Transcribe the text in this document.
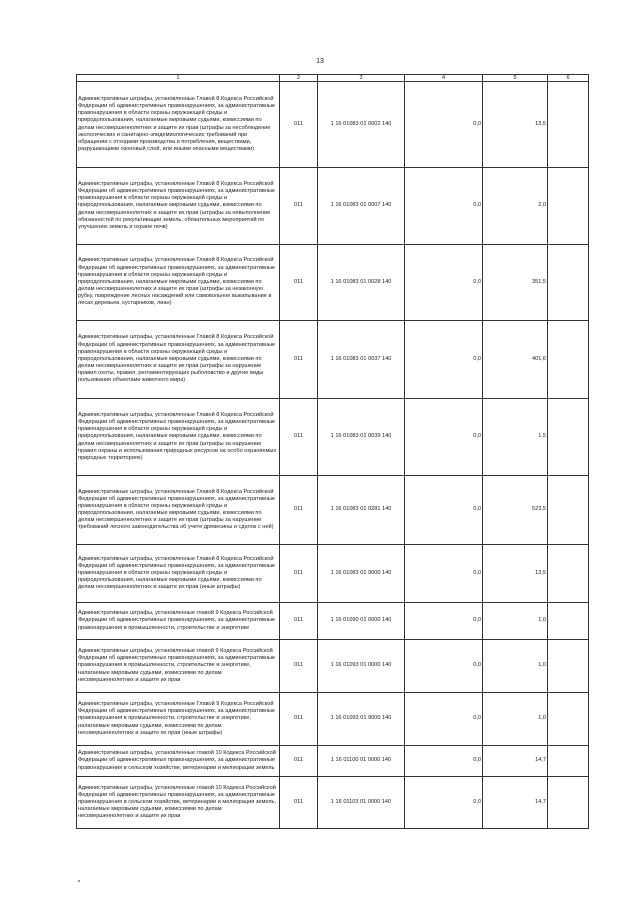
13
1	2	3	4	5	6
Административные штрафы, установленные Главой 8 Кодекса Российской Федерации об административных правонарушениях, за административные правонарушения в области охраны окружающей среды и природопользования, налагаемые мировыми судьями, комиссиями по делам несовершеннолетних и защите их прав (штрафы за несоблюдение экологических и санитарно-эпидемиологических требований при обращении с отходами производства и потребления, веществами, разрушающими озоновый слой, или иными опасными веществами)	011	1 16 01083 01 0002 140	0,0	13,5	
Административные штрафы, установленные Главой 8 Кодекса Российской Федерации об административных правонарушениях, за административные правонарушения в области охраны окружающей среды и природопользования, налагаемые мировыми судьями, комиссиями по делам несовершеннолетних и защите их прав (штрафы за невыполнение обязанностей по рекультивации земель, обязательных мероприятий по улучшению земель и охране почв)	011	1 16 01083 01 0007 140	0,0	2,0	
Административные штрафы, установленные Главой 8 Кодекса Российской Федерации об административных правонарушениях, за административные правонарушения в области охраны окружающей среды и природопользования, налагаемые мировыми судьями, комиссиями по делам несовершеннолетних и защите их прав (штрафы за незаконную рубку, повреждение лесных насаждений или самовольное выкапывание в лесах деревьев, кустарников, лиан)	011	1 16 01083 01 0028 140	0,0	351,5	
Административные штрафы, установленные Главой 8 Кодекса Российской Федерации об административных правонарушениях, за административные правонарушения в области охраны окружающей среды и природопользования, налагаемые мировыми судьями, комиссиями по делам несовершеннолетних и защите их прав (штрафы за нарушение правил охоты, правил, регламентирующих рыболовство и другие виды пользования объектами животного мира)	011	1 16 01083 01 0037 140	0,0	401,6	
Административные штрафы, установленные Главой 8 Кодекса Российской Федерации об административных правонарушениях, за административные правонарушения в области охраны окружающей среды и природопользования, налагаемые мировыми судьями, комиссиями по делам несовершеннолетних и защите их прав (штрафы за нарушение правил охраны и использования природных ресурсов на особо охраняемых природных территориях)	011	1 16 01083 01 0039 140	0,0	1,5	
Административные штрафы, установленные Главой 8 Кодекса Российской Федерации об административных правонарушениях, за административные правонарушения в области охраны окружающей среды и природопользования, налагаемые мировыми судьями, комиссиями по делам несовершеннолетних и защите их прав (штрафы за нарушение требований лесного законодательства об учете древесины и сделок с ней)	011	1 16 01083 01 0281 140	0,0	523,5	
Административные штрафы, установленные Главой 8 Кодекса Российской Федерации об административных правонарушениях, за административные правонарушения в области охраны окружающей среды и природопользования, налагаемые мировыми судьями, комиссиями по делам несовершеннолетних и защите их прав (иные штрафы)	011	1 16 01083 01 9000 140	0,0	13,5	
Административные штрафы, установленные главой 9 Кодекса Российской Федерации об административных правонарушениях, за административные правонарушения в промышленности, строительстве и энергетике	011	1 16 01090 01 0000 140	0,0	1,0	
Административные штрафы, установленные главой 9 Кодекса Российской Федерации об административных правонарушениях, за административные правонарушения в промышленности, строительстве и энергетике, налагаемые мировыми судьями, комиссиями по делам несовершеннолетних и защите их прав	011	1 16 01093 01 0000 140	0,0	1,0	
Административные штрафы, установленные Главой 9 Кодекса Российской Федерации об административных правонарушениях, за административные правонарушения в промышленности, строительстве и энергетике, налагаемые мировыми судьями, комиссиями по делам несовершеннолетних и защите их прав (иные штрафы)	011	1 16 01093 01 9000 140	0,0	1,0	
Административные штрафы, установленные главой 10 Кодекса Российской Федерации об административных правонарушениях, за административные правонарушения в сельском хозяйстве, ветеринарии и мелиорации земель	011	1 16 01100 01 0000 140	0,0	14,7	
Административные штрафы, установленные главой 10 Кодекса Российской Федерации об административных правонарушениях, за административные правонарушения в сельском хозяйстве, ветеринарии и мелиорации земель, налагаемые мировыми судьями, комиссиями по делам несовершеннолетних и защите их прав	011	1 16 01103 01 0000 140	0,0	14,7	
